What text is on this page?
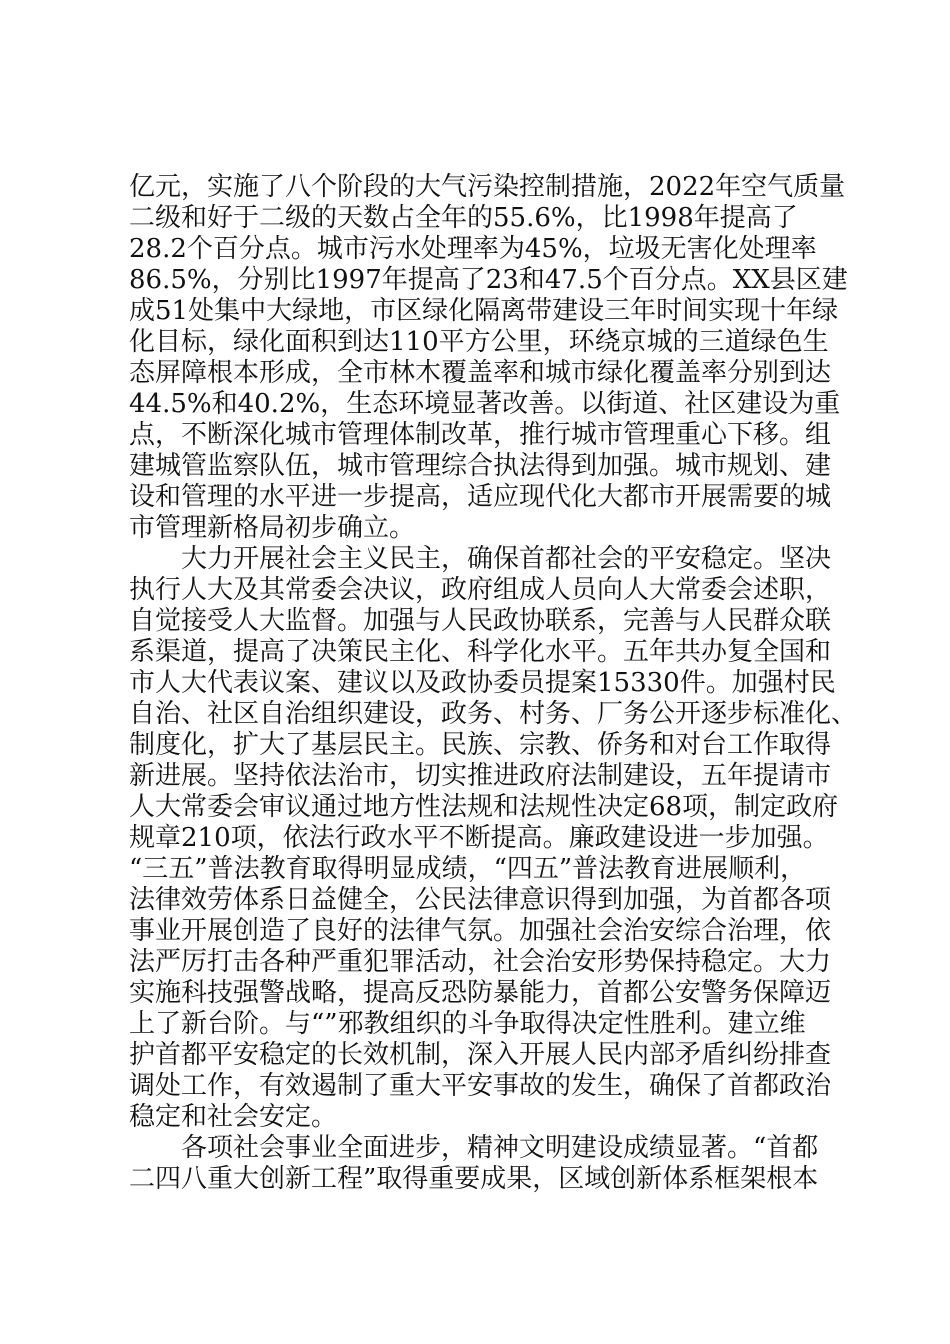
亿元，实施了八个阶段的大气污染控制措施，2022年空气质量
二级和好于二级的天数占全年的55.6%，比1998年提高了
28.2个百分点。城市污水处理率为45%，垃圾无害化处理率
86.5%，分别比1997年提高了23和47.5个百分点。XX县区建
成51处集中大绿地，市区绿化隔离带建设三年时间实现十年绿
化目标，绿化面积到达110平方公里，环绕京城的三道绿色生
态屏障根本形成，全市林木覆盖率和城市绿化覆盖率分别到达
44.5%和40.2%，生态环境显著改善。以街道、社区建设为重
点，不断深化城市管理体制改革，推行城市管理重心下移。组
建城管监察队伍，城市管理综合执法得到加强。城市规划、建
设和管理的水平进一步提高，适应现代化大都市开展需要的城
市管理新格局初步确立。
　　大力开展社会主义民主，确保首都社会的平安稳定。坚决
执行人大及其常委会决议，政府组成人员向人大常委会述职，
自觉接受人大监督。加强与人民政协联系，完善与人民群众联
系渠道，提高了决策民主化、科学化水平。五年共办复全国和
市人大代表议案、建议以及政协委员提案15330件。加强村民
自治、社区自治组织建设，政务、村务、厂务公开逐步标准化、
制度化，扩大了基层民主。民族、宗教、侨务和对台工作取得
新进展。坚持依法治市，切实推进政府法制建设，五年提请市
人大常委会审议通过地方性法规和法规性决定68项，制定政府
规章210项，依法行政水平不断提高。廉政建设进一步加强。
“三五”普法教育取得明显成绩，“四五”普法教育进展顺利，
法律效劳体系日益健全，公民法律意识得到加强，为首都各项
事业开展创造了良好的法律气氛。加强社会治安综合治理，依
法严厉打击各种严重犯罪活动，社会治安形势保持稳定。大力
实施科技强警战略，提高反恐防暴能力，首都公安警务保障迈
上了新台阶。与“”邪教组织的斗争取得决定性胜利。建立维
护首都平安稳定的长效机制，深入开展人民内部矛盾纠纷排查
调处工作，有效遏制了重大平安事故的发生，确保了首都政治
稳定和社会安定。
　　各项社会事业全面进步，精神文明建设成绩显著。“首都
二四八重大创新工程”取得重要成果，区域创新体系框架根本
